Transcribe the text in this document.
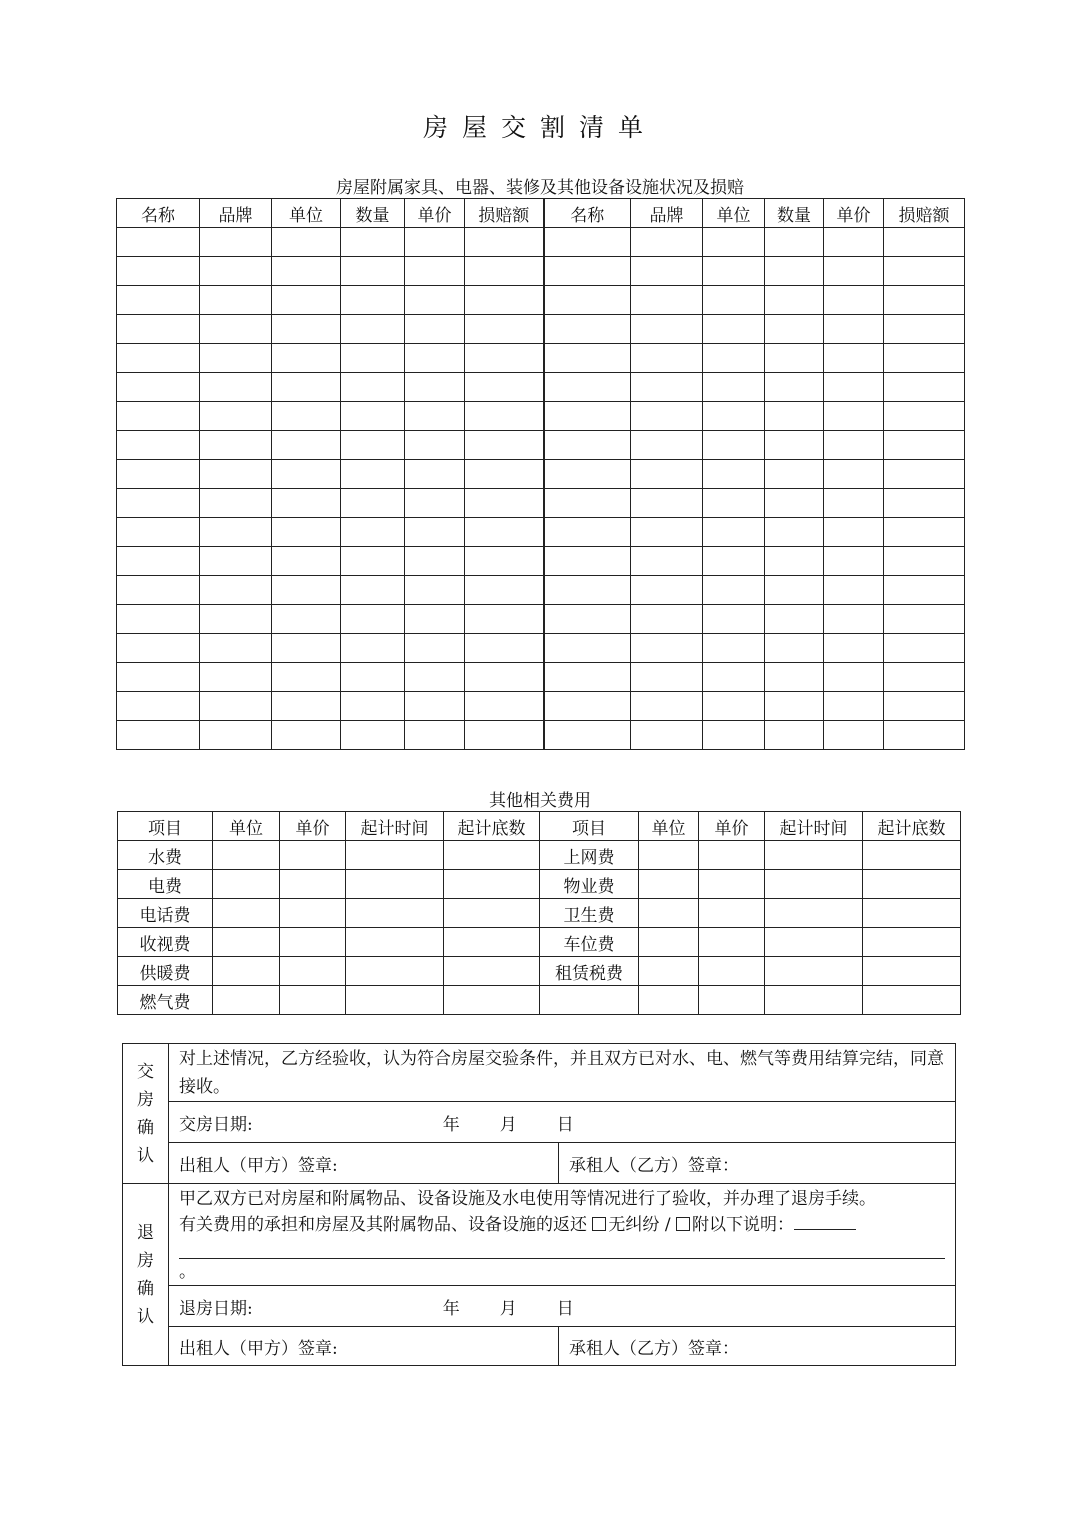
房屋交割清单
房屋附属家具、电器、装修及其他设备设施状况及损赔
名称	品牌	单位	数量	单价	损赔额	名称	品牌	单位	数量	单价	损赔额

其他相关费用
项目	单位	单价	起计时间	起计底数	项目	单位	单价	起计时间	起计底数
水费					上网费				
电费					物业费				
电话费					卫生费				
收视费					车位费				
供暖费					租赁税费				
燃气费									
交
房
确
认	对上述情况，乙方经验收，认为符合房屋交验条件，并且双方已对水、电、燃气等费用结算完结，同意接收。	
	交房日期: 年 月 日	
	出租人（甲方）签章:	承租人（乙方）签章：
退
房
确
认	甲乙双方已对房屋和附属物品、设备设施及水电使用等情况进行了验收，并办理了退房手续。
有关费用的承担和房屋及其附属物品、设备设施的返还 无纠纷 / 附以下说明：
。	
	退房日期: 年 月 日	
	出租人（甲方）签章:	承租人（乙方）签章：
